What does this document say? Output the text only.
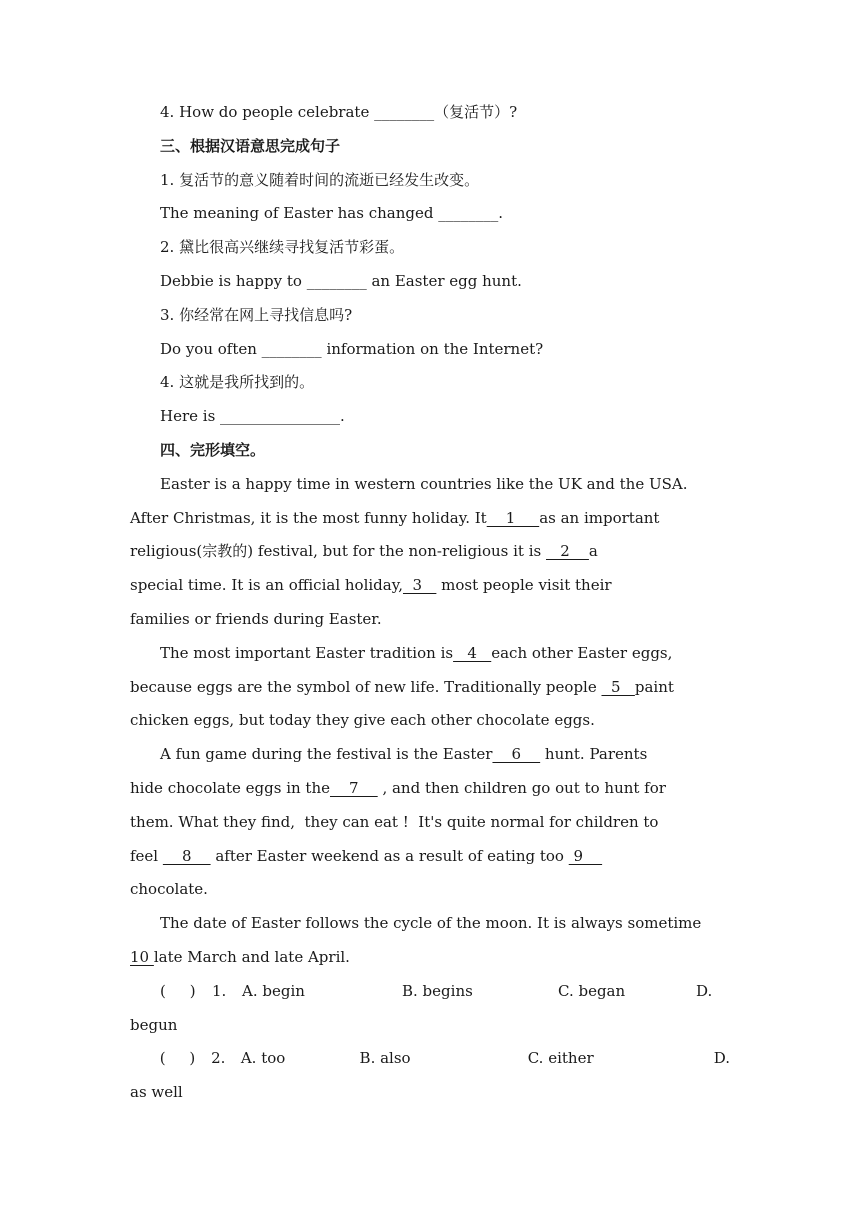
4. How do people celebrate ________（复活节）?

三、根据汉语意思完成句子

1. 复活节的意义随着时间的流逝已经发生改变。

The meaning of Easter has changed ________.

2. 黛比很高兴继续寻找复活节彩蛋。

Debbie is happy to ________ an Easter egg hunt.

3. 你经常在网上寻找信息吗?

Do you often ________ information on the Internet?

4. 这就是我所找到的。

Here is ________________.

四、完形填空。

Easter is a happy time in western countries like the UK and the USA.
After Christmas, it is the most funny holiday. It    1     as an important
religious(宗教的) festival, but for the non-religious it is    2    a
special time. It is an official holiday,  3    most people visit their

families or friends during Easter.

The most important Easter tradition is   4   each other Easter eggs,
because eggs are the symbol of new life. Traditionally people   5   paint

chicken eggs, but today they give each other chocolate eggs.

A fun game during the festival is the Easter    6     hunt. Parents
hide chocolate eggs in the    7     , and then children go out to hunt for
them. What they find,  they can eat !  It's quite normal for children to
feel     8     after Easter weekend as a result of eating too  9

chocolate.

The date of Easter follows the cycle of the moon. It is always sometime

10 late March and late April.

(     )	1.	A. begin	B. begins	C. began	D.

begun

(     )	2.	A. too	B. also	C. either	D.

as well
